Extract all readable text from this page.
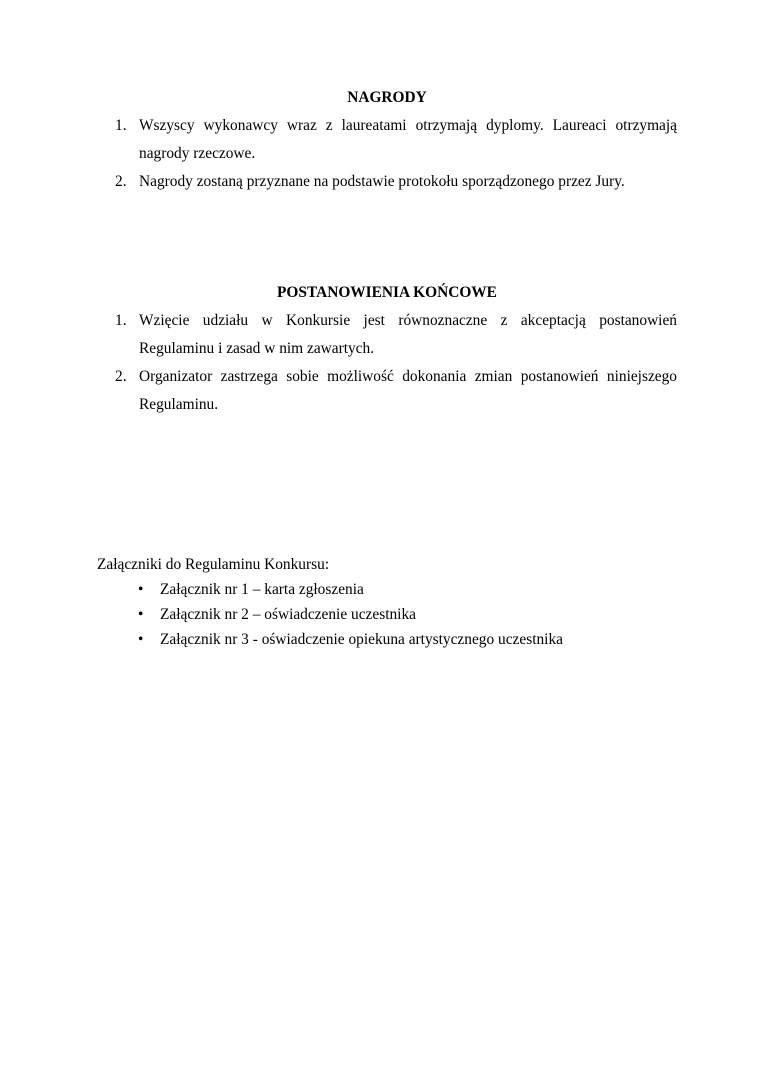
NAGRODY
1. Wszyscy wykonawcy wraz z laureatami otrzymają dyplomy. Laureaci otrzymają nagrody rzeczowe.
2. Nagrody zostaną przyznane na podstawie protokołu sporządzonego przez Jury.
POSTANOWIENIA KOŃCOWE
1. Wzięcie udziału w Konkursie jest równoznaczne z akceptacją postanowień Regulaminu i zasad w nim zawartych.
2. Organizator zastrzega sobie możliwość dokonania zmian postanowień niniejszego Regulaminu.

Załączniki do Regulaminu Konkursu:

•	Załącznik nr 1 – karta zgłoszenia
•	Załącznik nr 2 – oświadczenie uczestnika
•	Załącznik nr 3 - oświadczenie opiekuna artystycznego uczestnika
